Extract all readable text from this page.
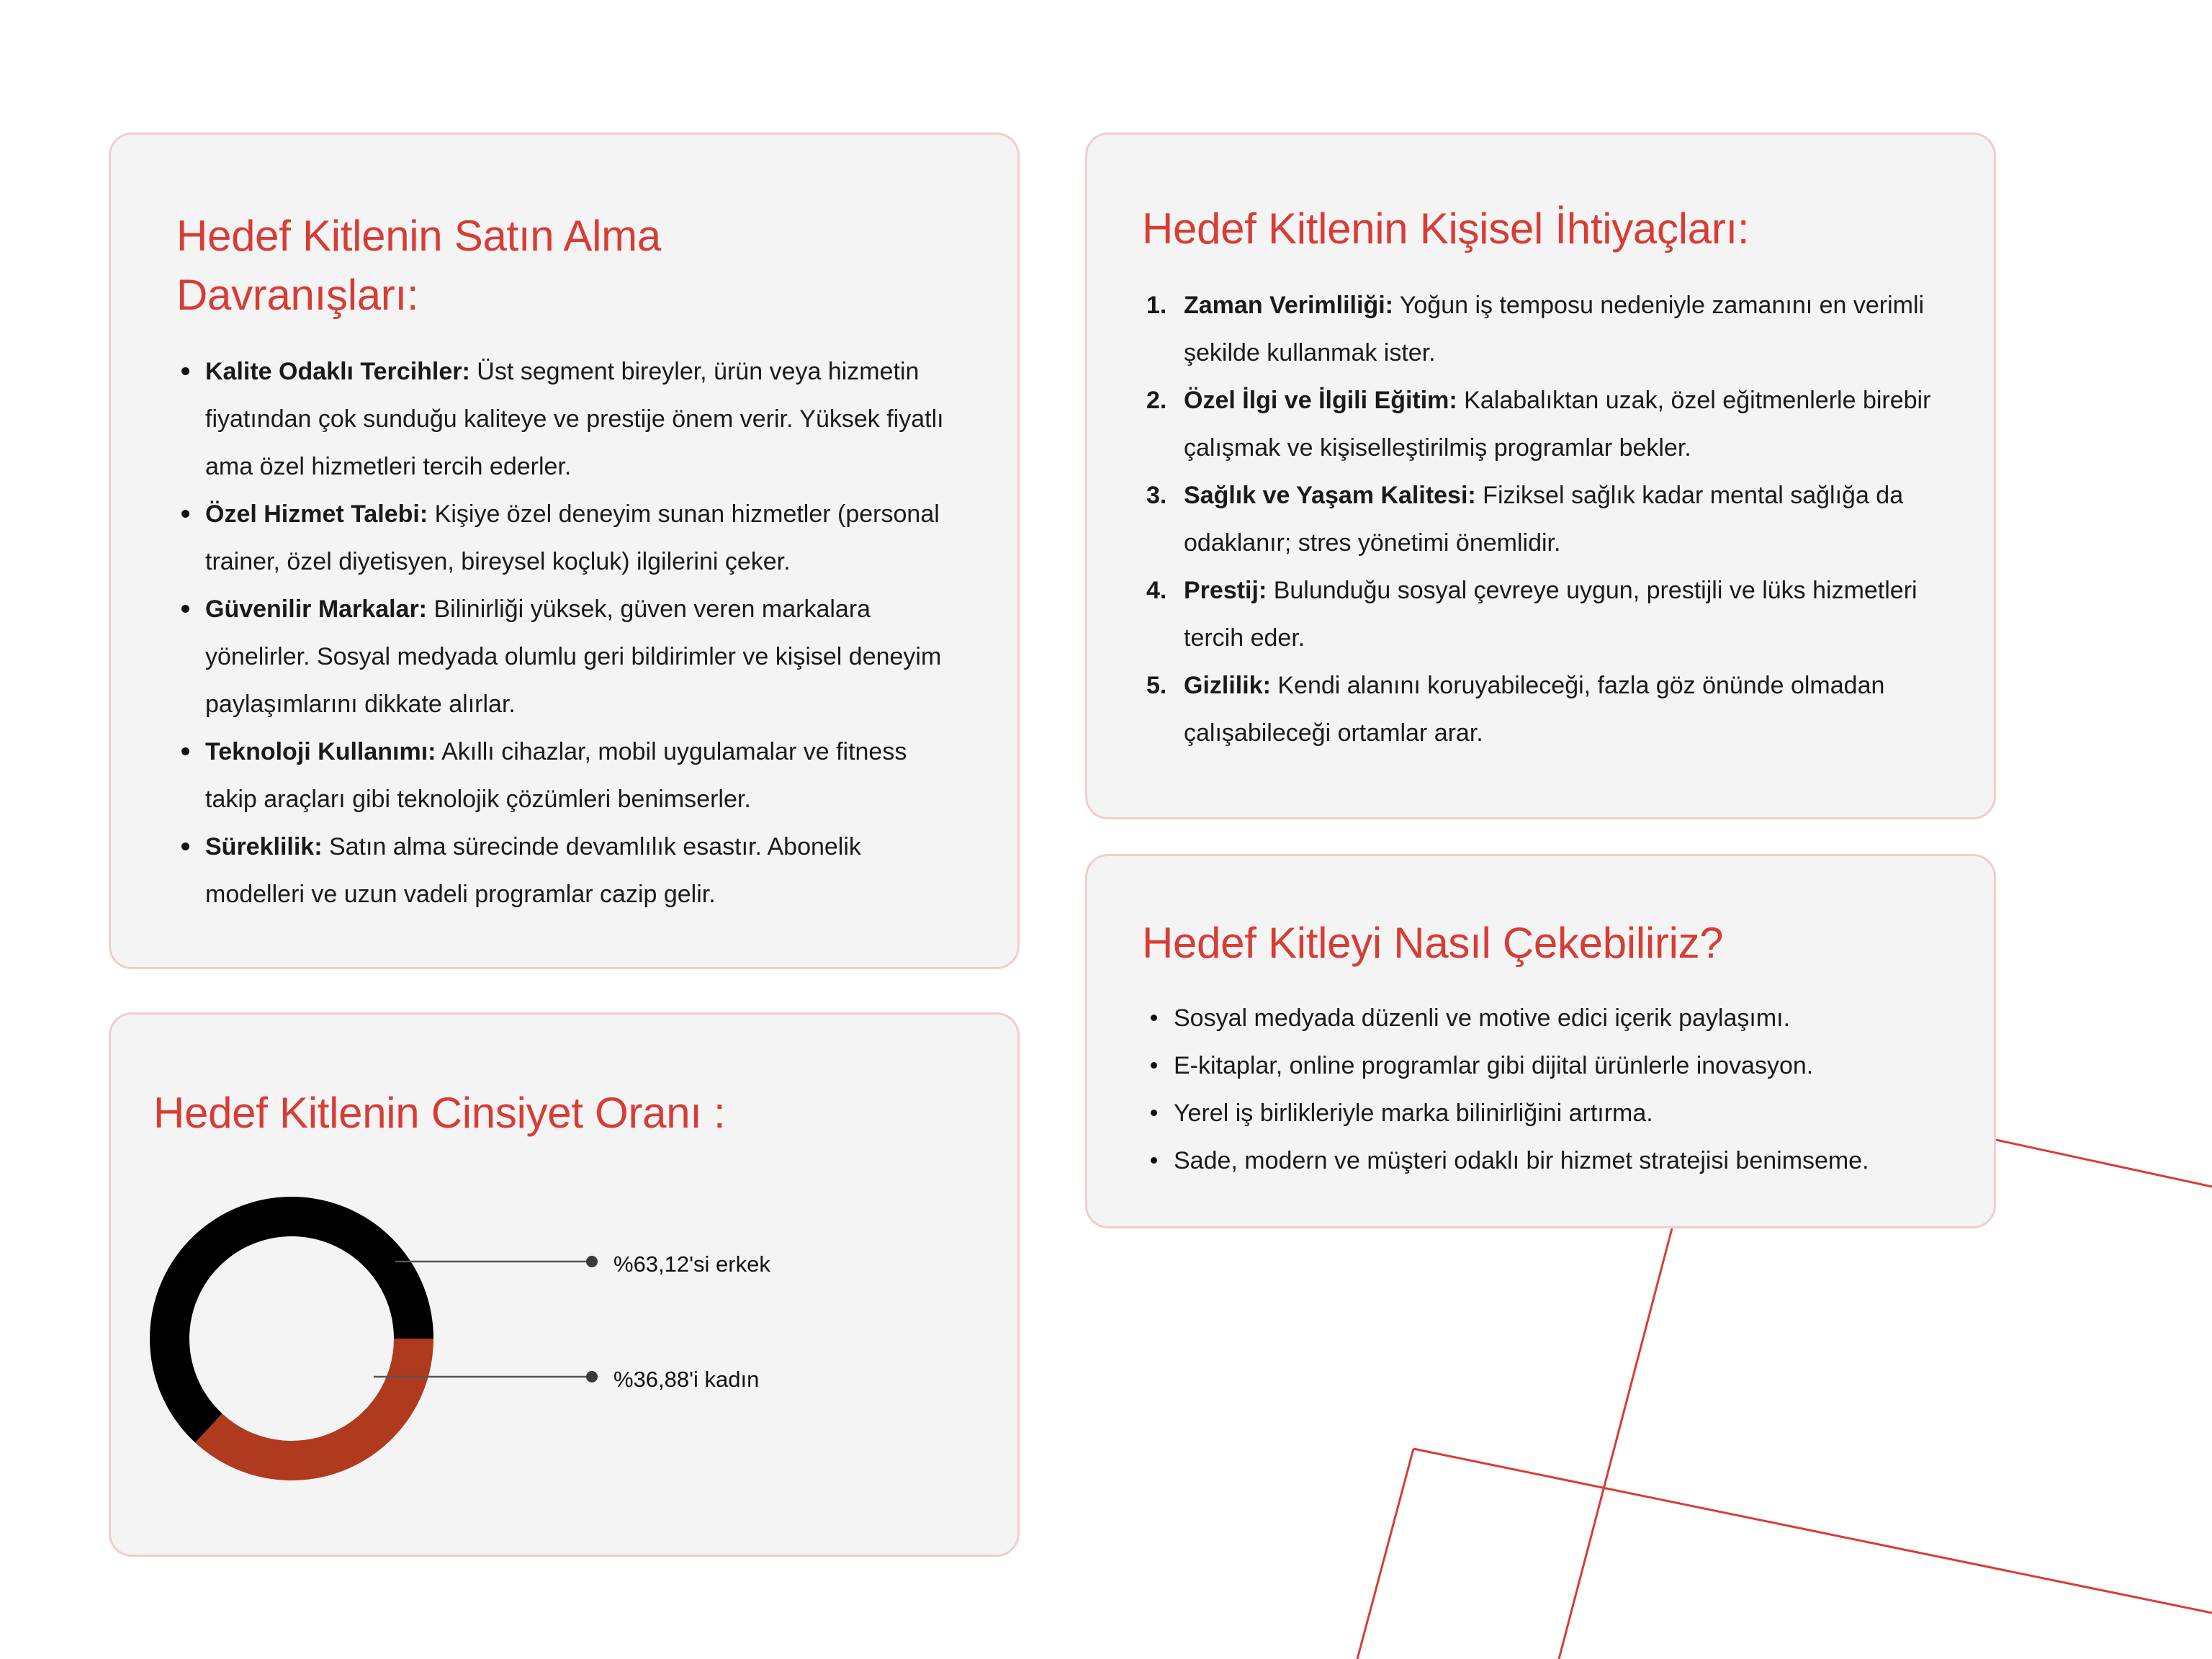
Hedef Kitlenin Satın Alma Davranışları:
Kalite Odaklı Tercihler: Üst segment bireyler, ürün veya hizmetin fiyatından çok sunduğu kaliteye ve prestije önem verir. Yüksek fiyatlı ama özel hizmetleri tercih ederler.
Özel Hizmet Talebi: Kişiye özel deneyim sunan hizmetler (personal trainer, özel diyetisyen, bireysel koçluk) ilgilerini çeker.
Güvenilir Markalar: Bilinirliği yüksek, güven veren markalara yönelirler. Sosyal medyada olumlu geri bildirimler ve kişisel deneyim paylaşımlarını dikkate alırlar.
Teknoloji Kullanımı: Akıllı cihazlar, mobil uygulamalar ve fitness takip araçları gibi teknolojik çözümleri benimserler.
Süreklilik: Satın alma sürecinde devamlılık esastır. Abonelik modelleri ve uzun vadeli programlar cazip gelir.
Hedef Kitlenin Kişisel İhtiyaçları:
1. Zaman Verimliliği: Yoğun iş temposu nedeniyle zamanını en verimli şekilde kullanmak ister.
2. Özel İlgi ve İlgili Eğitim: Kalabalıktan uzak, özel eğitmenlerle birebir çalışmak ve kişiselleştirilmiş programlar bekler.
3. Sağlık ve Yaşam Kalitesi: Fiziksel sağlık kadar mental sağlığa da odaklanır; stres yönetimi önemlidir.
4. Prestij: Bulunduğu sosyal çevreye uygun, prestijli ve lüks hizmetleri tercih eder.
5. Gizlilik: Kendi alanını koruyabileceği, fazla göz önünde olmadan çalışabileceği ortamlar arar.
Hedef Kitleyi Nasıl Çekebiliriz?
Sosyal medyada düzenli ve motive edici içerik paylaşımı.
E-kitaplar, online programlar gibi dijital ürünlerle inovasyon.
Yerel iş birlikleriyle marka bilinirliğini artırma.
Sade, modern ve müşteri odaklı bir hizmet stratejisi benimseme.
Hedef Kitlenin Cinsiyet Oranı :
%63,12'si erkek
%36,88'i kadın
